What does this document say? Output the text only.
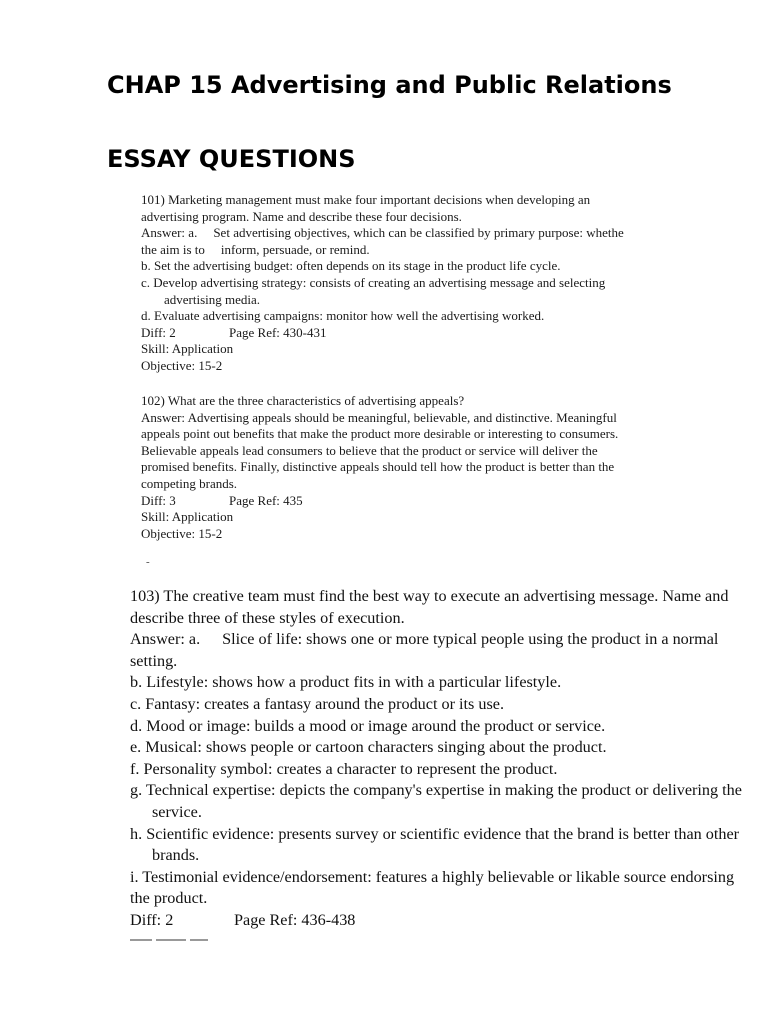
CHAP 15 Advertising and Public Relations
ESSAY QUESTIONS
101) Marketing management must make four important decisions when developing an
advertising program. Name and describe these four decisions.
Answer: a. Set advertising objectives, which can be classified by primary purpose: whethe
the aim is to inform, persuade, or remind.
b. Set the advertising budget: often depends on its stage in the product life cycle.
c. Develop advertising strategy: consists of creating an advertising message and selecting
advertising media.
d. Evaluate advertising campaigns: monitor how well the advertising worked.
Diff: 2	Page Ref: 430-431
Skill: Application
Objective: 15-2
102) What are the three characteristics of advertising appeals?
Answer: Advertising appeals should be meaningful, believable, and distinctive. Meaningful
appeals point out benefits that make the product more desirable or interesting to consumers.
Believable appeals lead consumers to believe that the product or service will deliver the
promised benefits. Finally, distinctive appeals should tell how the product is better than the
competing brands.
Diff: 3	Page Ref: 435
Skill: Application
Objective: 15-2
-
103) The creative team must find the best way to execute an advertising message. Name and
describe three of these styles of execution.
Answer: a. Slice of life: shows one or more typical people using the product in a normal
setting.
b. Lifestyle: shows how a product fits in with a particular lifestyle.
c. Fantasy: creates a fantasy around the product or its use.
d. Mood or image: builds a mood or image around the product or service.
e. Musical: shows people or cartoon characters singing about the product.
f. Personality symbol: creates a character to represent the product.
g. Technical expertise: depicts the company's expertise in making the product or delivering the
service.
h. Scientific evidence: presents survey or scientific evidence that the brand is better than other
brands.
i. Testimonial evidence/endorsement: features a highly believable or likable source endorsing
the product.
Diff: 2	Page Ref: 436-438
